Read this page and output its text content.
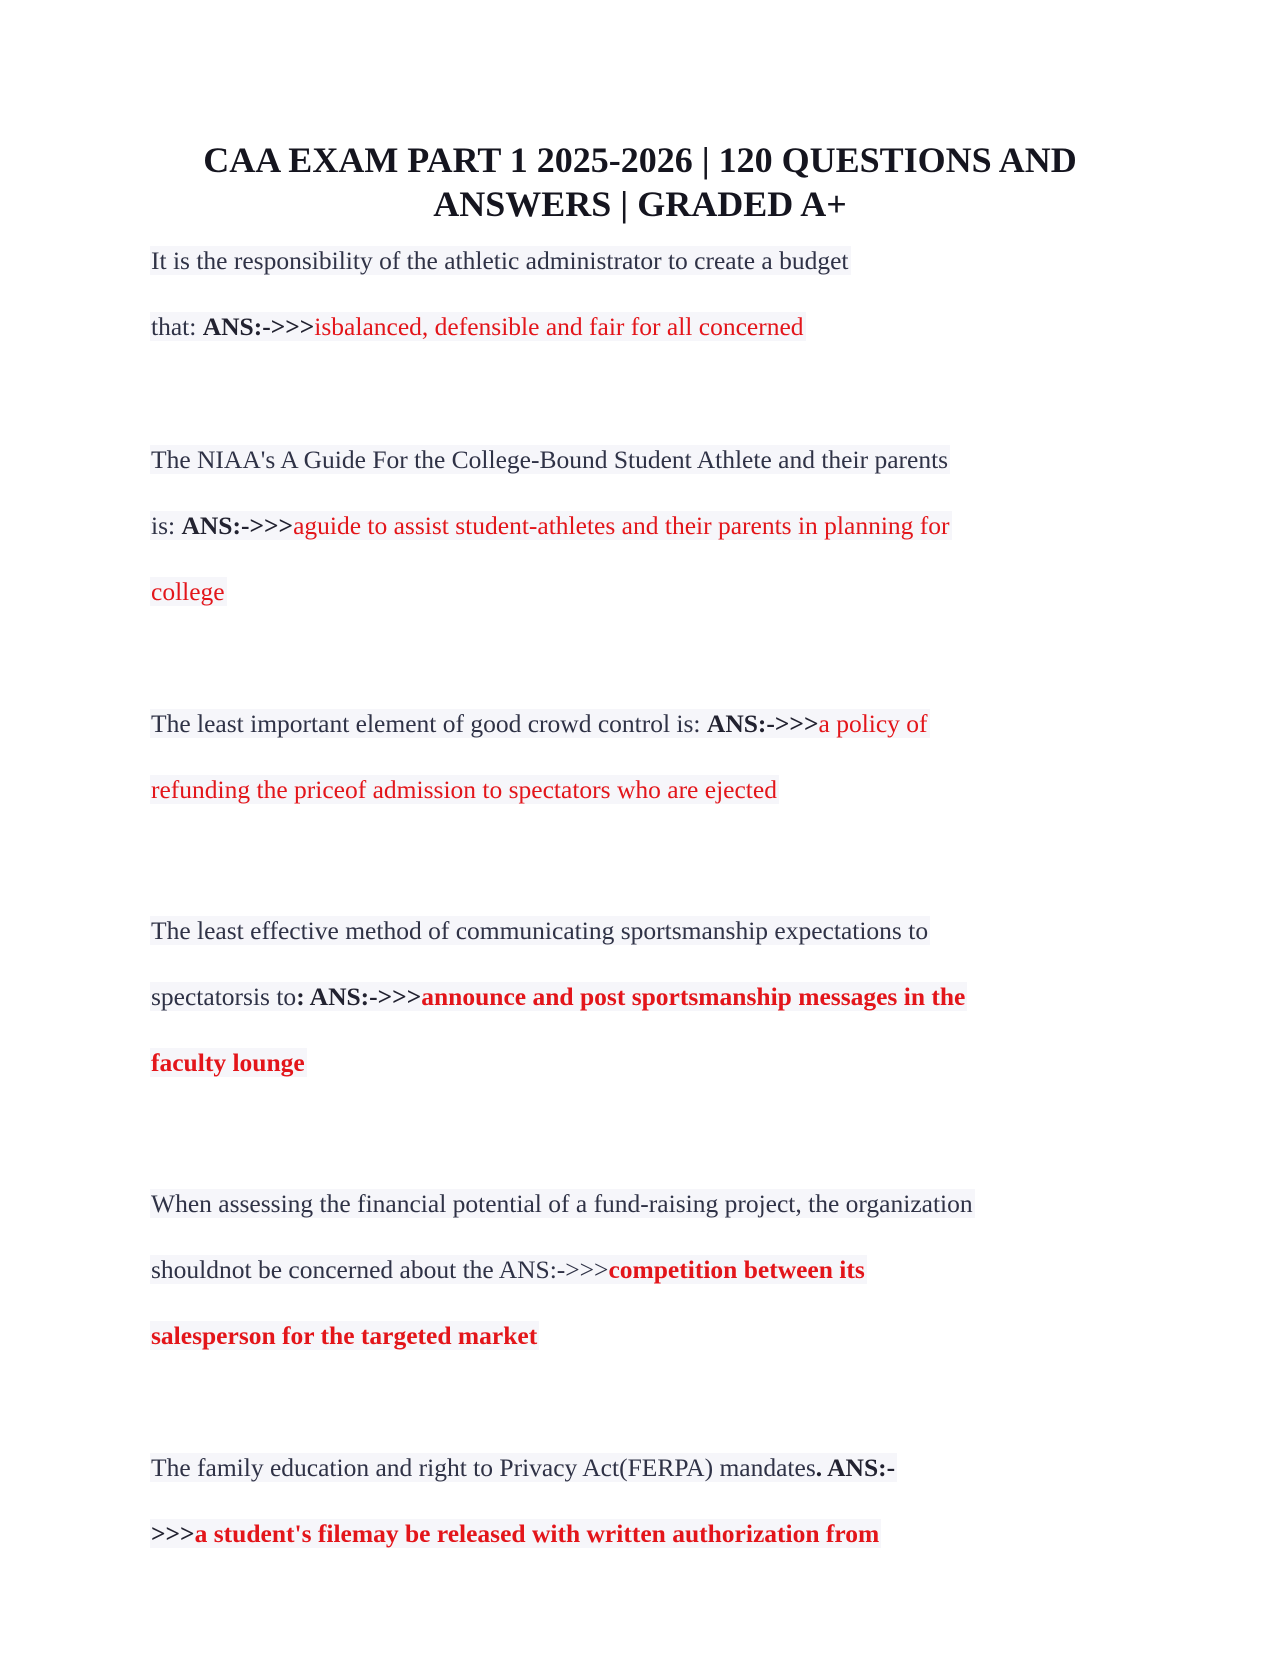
CAA EXAM PART 1 2025-2026 | 120 QUESTIONS AND
ANSWERS | GRADED A+
It is the responsibility of the athletic administrator to create a budget
that: ANS:->>>isbalanced, defensible and fair for all concerned
The NIAA's A Guide For the College-Bound Student Athlete and their parents
is: ANS:->>>aguide to assist student-athletes and their parents in planning for
college
The least important element of good crowd control is: ANS:->>>a policy of
refunding the priceof admission to spectators who are ejected
The least effective method of communicating sportsmanship expectations to
spectatorsis to: ANS:->>>announce and post sportsmanship messages in the
faculty lounge
When assessing the financial potential of a fund-raising project, the organization
shouldnot be concerned about the ANS:->>>competition between its
salesperson for the targeted market
The family education and right to Privacy Act(FERPA) mandates. ANS:-
>>>a student's filemay be released with written authorization from
